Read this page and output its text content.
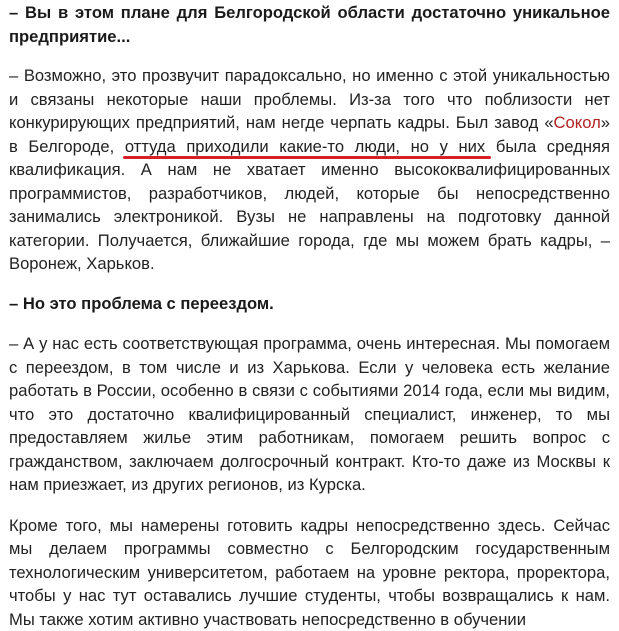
– Вы в этом плане для Белгородской области достаточно уникальное предприятие...

– Возможно, это прозвучит парадоксально, но именно с этой уникальностью и связаны некоторые наши проблемы. Из-за того что поблизости нет конкурирующих предприятий, нам негде черпать кадры. Был завод «Сокол» в Белгороде, оттуда приходили какие-то люди, но у них была средняя квалификация. А нам не хватает именно высококвалифицированных программистов, разработчиков, людей, которые бы непосредственно занимались электроникой. Вузы не направлены на подготовку данной категории. Получается, ближайшие города, где мы можем брать кадры, – Воронеж, Харьков.

– Но это проблема с переездом.

– А у нас есть соответствующая программа, очень интересная. Мы помогаем с переездом, в том числе и из Харькова. Если у человека есть желание работать в России, особенно в связи с событиями 2014 года, если мы видим, что это достаточно квалифицированный специалист, инженер, то мы предоставляем жилье этим работникам, помогаем решить вопрос с гражданством, заключаем долгосрочный контракт. Кто-то даже из Москвы к нам приезжает, из других регионов, из Курска.

Кроме того, мы намерены готовить кадры непосредственно здесь. Сейчас мы делаем программы совместно с Белгородским государственным технологическим университетом, работаем на уровне ректора, проректора, чтобы у нас тут оставались лучшие студенты, чтобы возвращались к нам. Мы также хотим активно участвовать непосредственно в обучении
